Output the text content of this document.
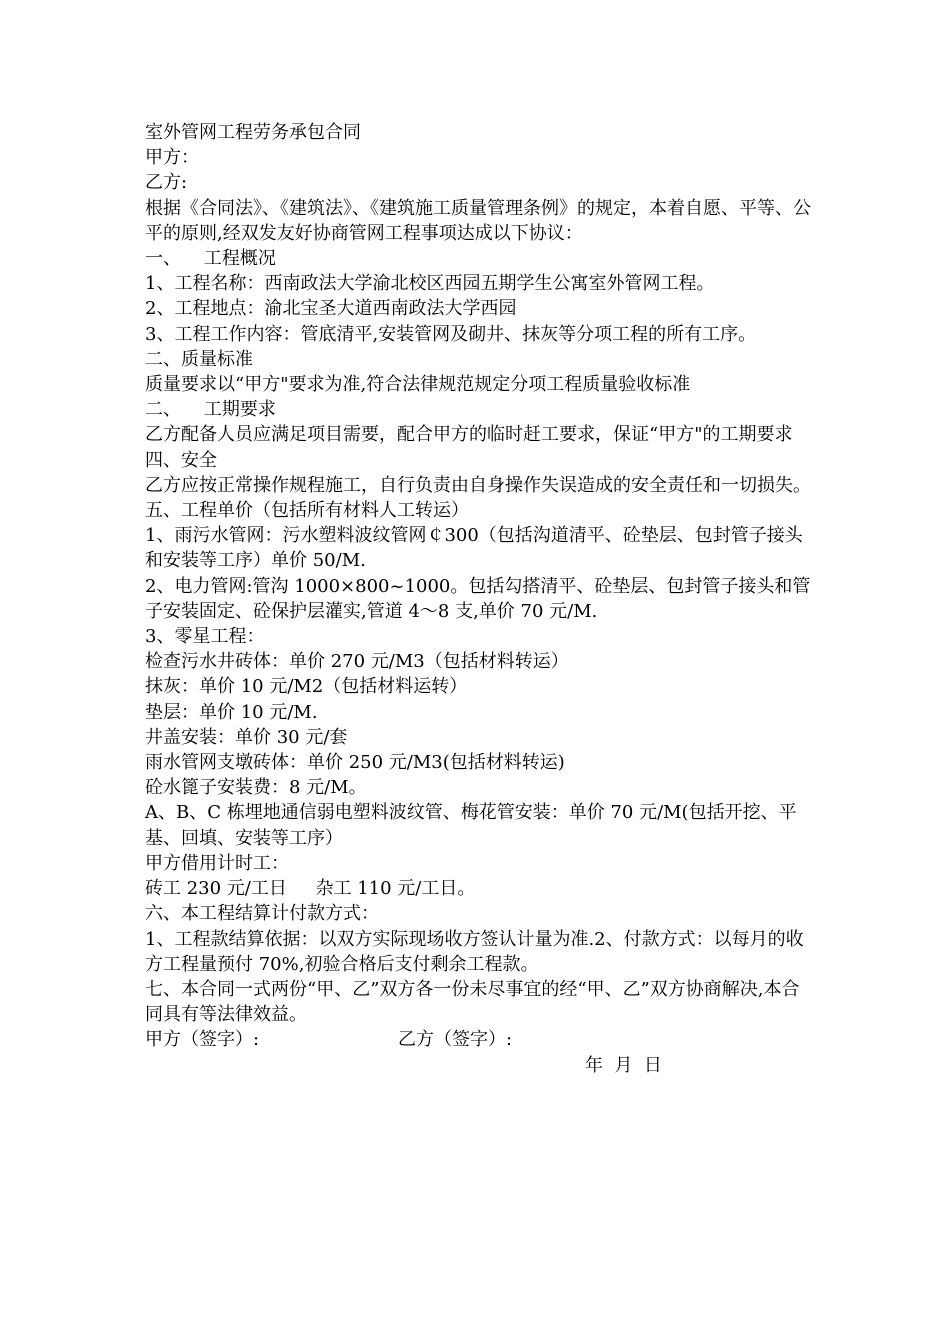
室外管网工程劳务承包合同

甲方：

乙方:

根据《合同法》、《建筑法》、《建筑施工质量管理条例》的规定，本着自愿、平等、公平的原则,经双发友好协商管网工程事项达成以下协议：

一、    工程概况

1、工程名称：西南政法大学渝北校区西园五期学生公寓室外管网工程。

2、工程地点：渝北宝圣大道西南政法大学西园

3、工程工作内容：管底清平,安装管网及砌井、抹灰等分项工程的所有工序。

二、质量标准

质量要求以“甲方"要求为准,符合法律规范规定分项工程质量验收标准

二、    工期要求

乙方配备人员应满足项目需要，配合甲方的临时赶工要求，保证“甲方"的工期要求

四、安全

乙方应按正常操作规程施工，自行负责由自身操作失误造成的安全责任和一切损失。

五、工程单价（包括所有材料人工转运）

1、雨污水管网：污水塑料波纹管网￠300（包括沟道清平、砼垫层、包封管子接头和安装等工序）单价 50/M.

2、电力管网:管沟 1000×800~1000。包括勾搭清平、砼垫层、包封管子接头和管子安装固定、砼保护层灌实,管道 4～8 支,单价 70 元/M.

3、零星工程：

检查污水井砖体：单价 270 元/M3（包括材料转运）

抹灰：单价 10 元/M2（包括材料运转）

垫层：单价 10 元/M.

井盖安装：单价 30 元/套

雨水管网支墩砖体：单价 250 元/M3(包括材料转运)

砼水篦子安装费：8 元/M。

A、B、C 栋埋地通信弱电塑料波纹管、梅花管安装：单价 70 元/M(包括开挖、平基、回填、安装等工序）

甲方借用计时工：

砖工 230 元/工日     杂工 110 元/工日。

六、本工程结算计付款方式：

1、工程款结算依据：以双方实际现场收方签认计量为准.2、付款方式：以每月的收方工程量预付 70%,初验合格后支付剩余工程款。

七、本合同一式两份“甲、乙”双方各一份未尽事宜的经“甲、乙”双方协商解决,本合同具有等法律效益。

甲方（签字）:	乙方（签字）:

年  月  日
